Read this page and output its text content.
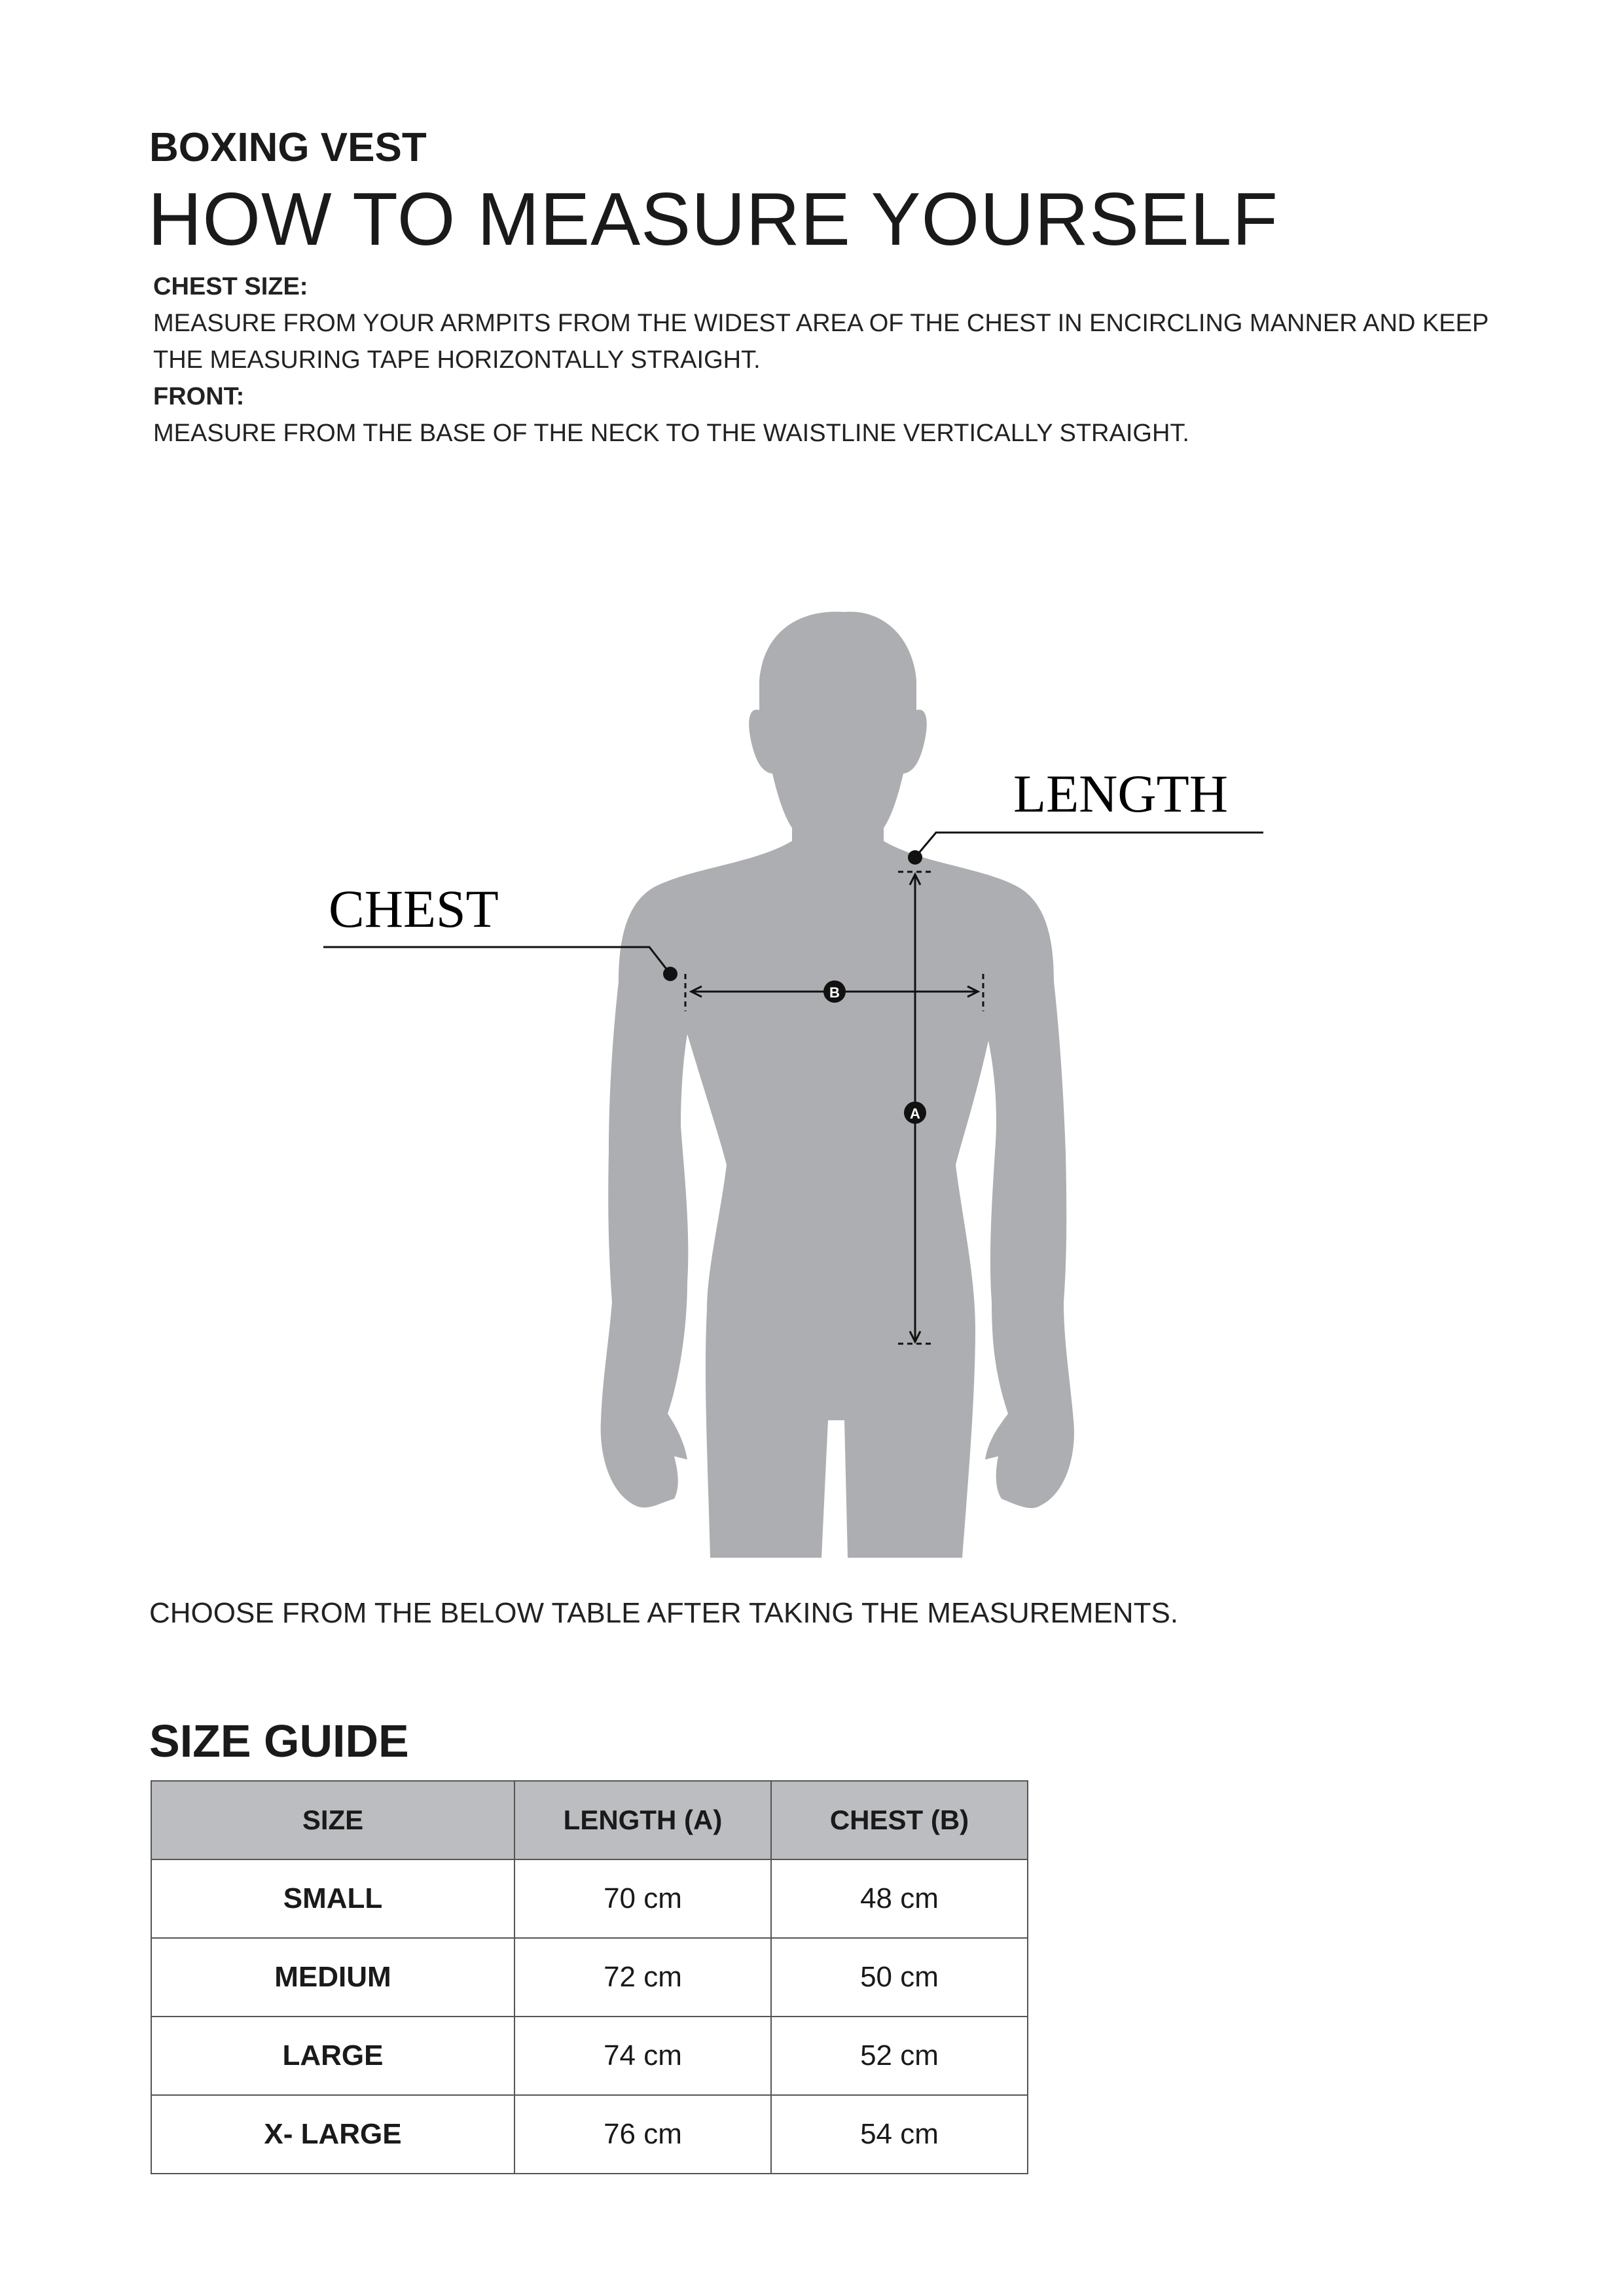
BOXING VEST
HOW TO MEASURE YOURSELF
CHEST SIZE:
MEASURE FROM YOUR ARMPITS FROM THE WIDEST AREA OF THE CHEST IN ENCIRCLING MANNER AND KEEP
THE MEASURING TAPE HORIZONTALLY STRAIGHT.
FRONT:
MEASURE FROM THE BASE OF THE NECK TO THE WAISTLINE VERTICALLY STRAIGHT.
B
A
LENGTH
CHEST
CHOOSE FROM THE BELOW TABLE AFTER TAKING THE MEASUREMENTS.
SIZE GUIDE
SIZE	LENGTH (A)	CHEST (B)
SMALL	70 cm	48 cm
MEDIUM	72 cm	50 cm
LARGE	74 cm	52 cm
X- LARGE	76 cm	54 cm
